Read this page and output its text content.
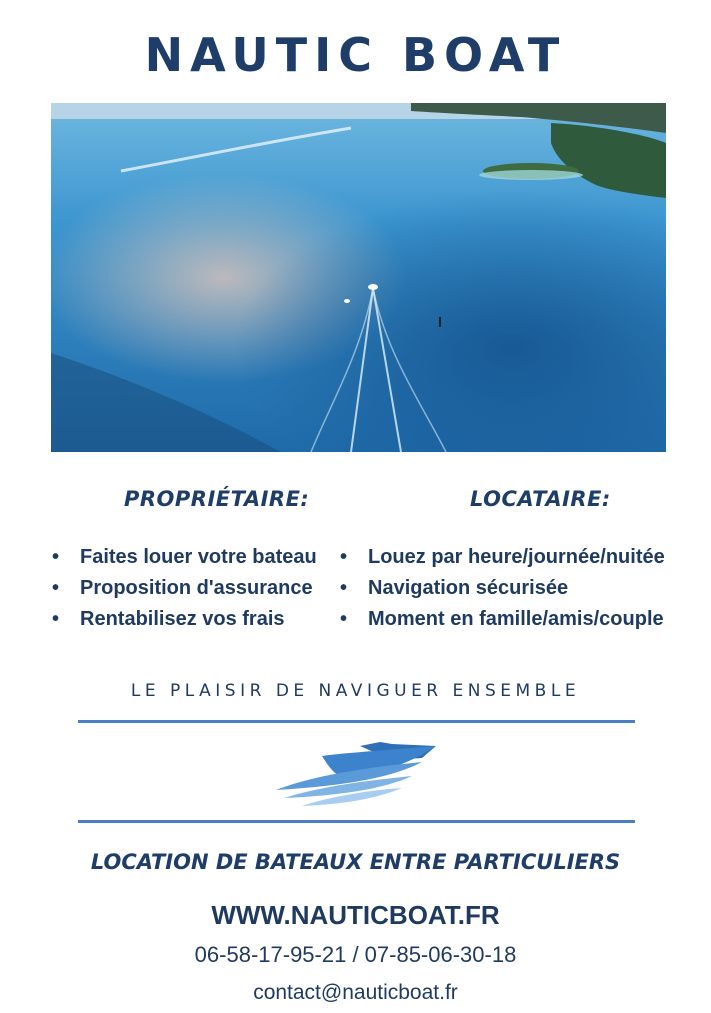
NAUTIC BOAT
PROPRIÉTAIRE:	LOCATAIRE:
•	Faites louer votre bateau
•	Proposition d'assurance
•	Rentabilisez vos frais
•	Louez par heure/journée/nuitée
•	Navigation sécurisée
•	Moment en famille/amis/couple
LE PLAISIR DE NAVIGUER ENSEMBLE
LOCATION DE BATEAUX ENTRE PARTICULIERS
WWW.NAUTICBOAT.FR
06-58-17-95-21 / 07-85-06-30-18
contact@nauticboat.fr
